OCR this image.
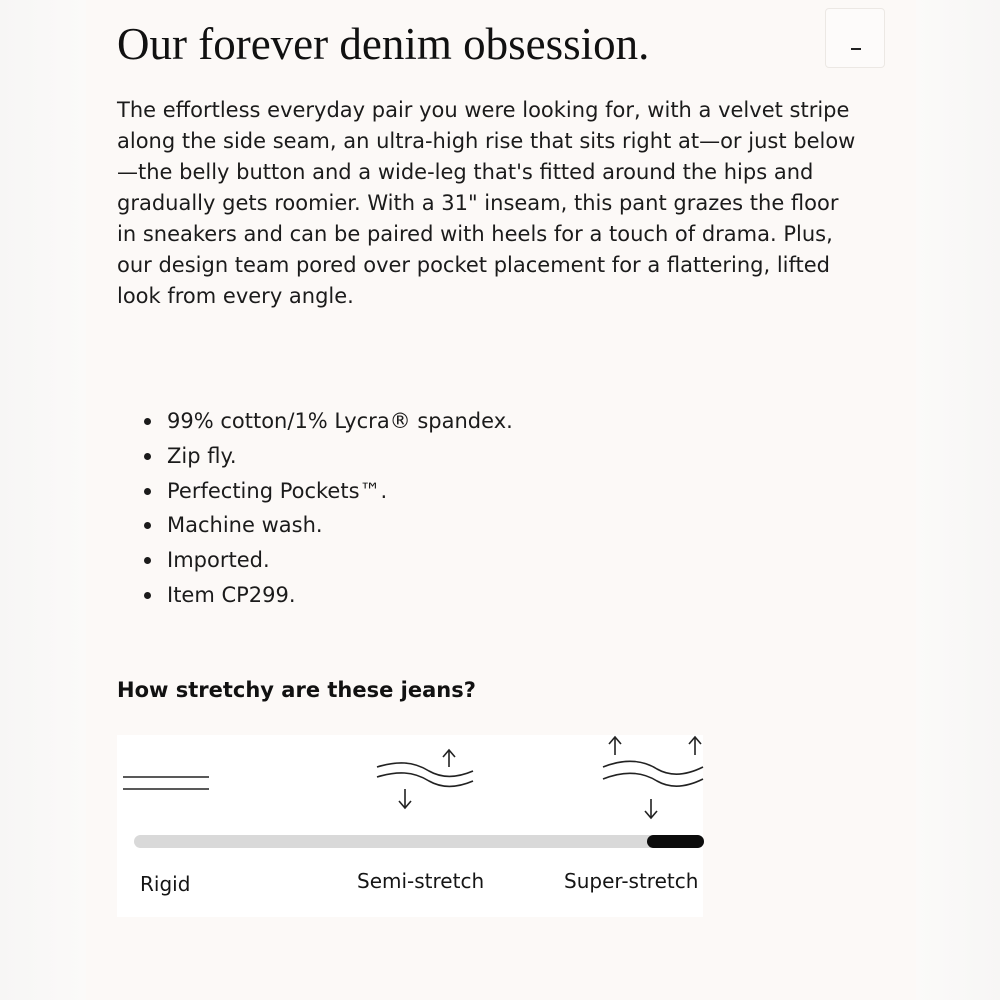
Our forever denim obsession.

The effortless everyday pair you were looking for, with a velvet stripe along the side seam, an ultra-high rise that sits right at—or just below—the belly button and a wide-leg that's fitted around the hips and gradually gets roomier. With a 31" inseam, this pant grazes the floor in sneakers and can be paired with heels for a touch of drama. Plus, our design team pored over pocket placement for a flattering, lifted look from every angle.

99% cotton/1% Lycra® spandex.
Zip fly.
Perfecting Pockets™.
Machine wash.
Imported.
Item CP299.
How stretchy are these jeans?
Rigid	Semi-stretch	Super-stretch
